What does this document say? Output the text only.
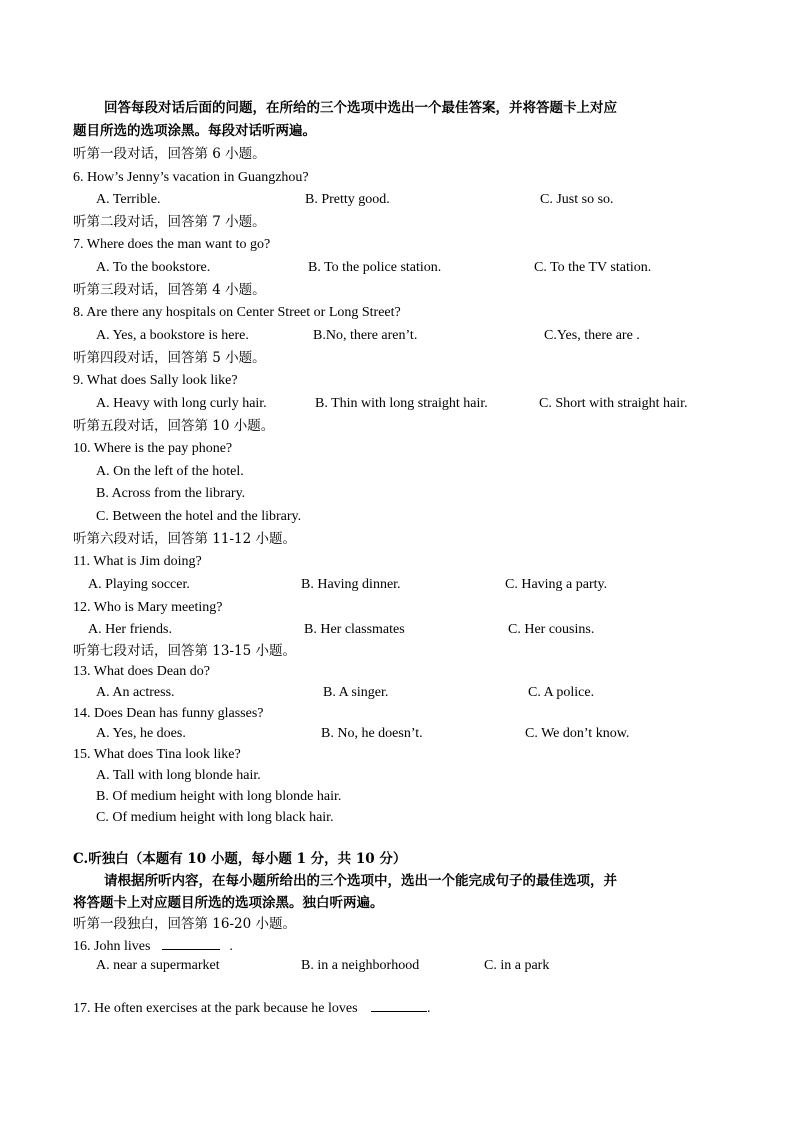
回答每段对话后面的问题，在所给的三个选项中选出一个最佳答案，并将答题卡上对应
题目所选的选项涂黑。每段对话听两遍。
听第一段对话，回答第 6 小题。
6. How’s Jenny’s vacation in Guangzhou?
A. Terrible.	B. Pretty good.	C. Just so so.
听第二段对话，回答第 7 小题。
7. Where does the man want to go?
A. To the bookstore.	B. To the police station.	C. To the TV station.
听第三段对话，回答第 4 小题。
8. Are there any hospitals on Center Street or Long Street?
A. Yes, a bookstore is here.	B.No, there aren’t.	C.Yes, there are .
听第四段对话，回答第 5 小题。
9. What does Sally look like?
A. Heavy with long curly hair.	B. Thin with long straight hair.	C. Short with straight hair.
听第五段对话，回答第 10 小题。
10. Where is the pay phone?
A. On the left of the hotel.
B. Across from the library.
C. Between the hotel and the library.
听第六段对话，回答第 11-12 小题。
11. What is Jim doing?
A. Playing soccer.	B. Having dinner.	C. Having a party.
12. Who is Mary meeting?
A. Her friends.	B. Her classmates	C. Her cousins.
听第七段对话，回答第 13-15 小题。
13. What does Dean do?
A. An actress.	B. A singer.	C. A police.
14. Does Dean has funny glasses?
A. Yes, he does.	B. No, he doesn’t.	C. We don’t know.
15. What does Tina look like?
A. Tall with long blonde hair.
B. Of medium height with long blonde hair.
C. Of medium height with long black hair.
C.听独白（本题有 10 小题，每小题 1 分，共 10 分）
请根据所听内容，在每小题所给出的三个选项中，选出一个能完成句子的最佳选项，并
将答题卡上对应题目所选的选项涂黑。独白听两遍。
听第一段独白，回答第 16-20 小题。
16. John lives	.
A. near a supermarket	B. in a neighborhood	C. in a park
17. He often exercises at the park because he loves	.
